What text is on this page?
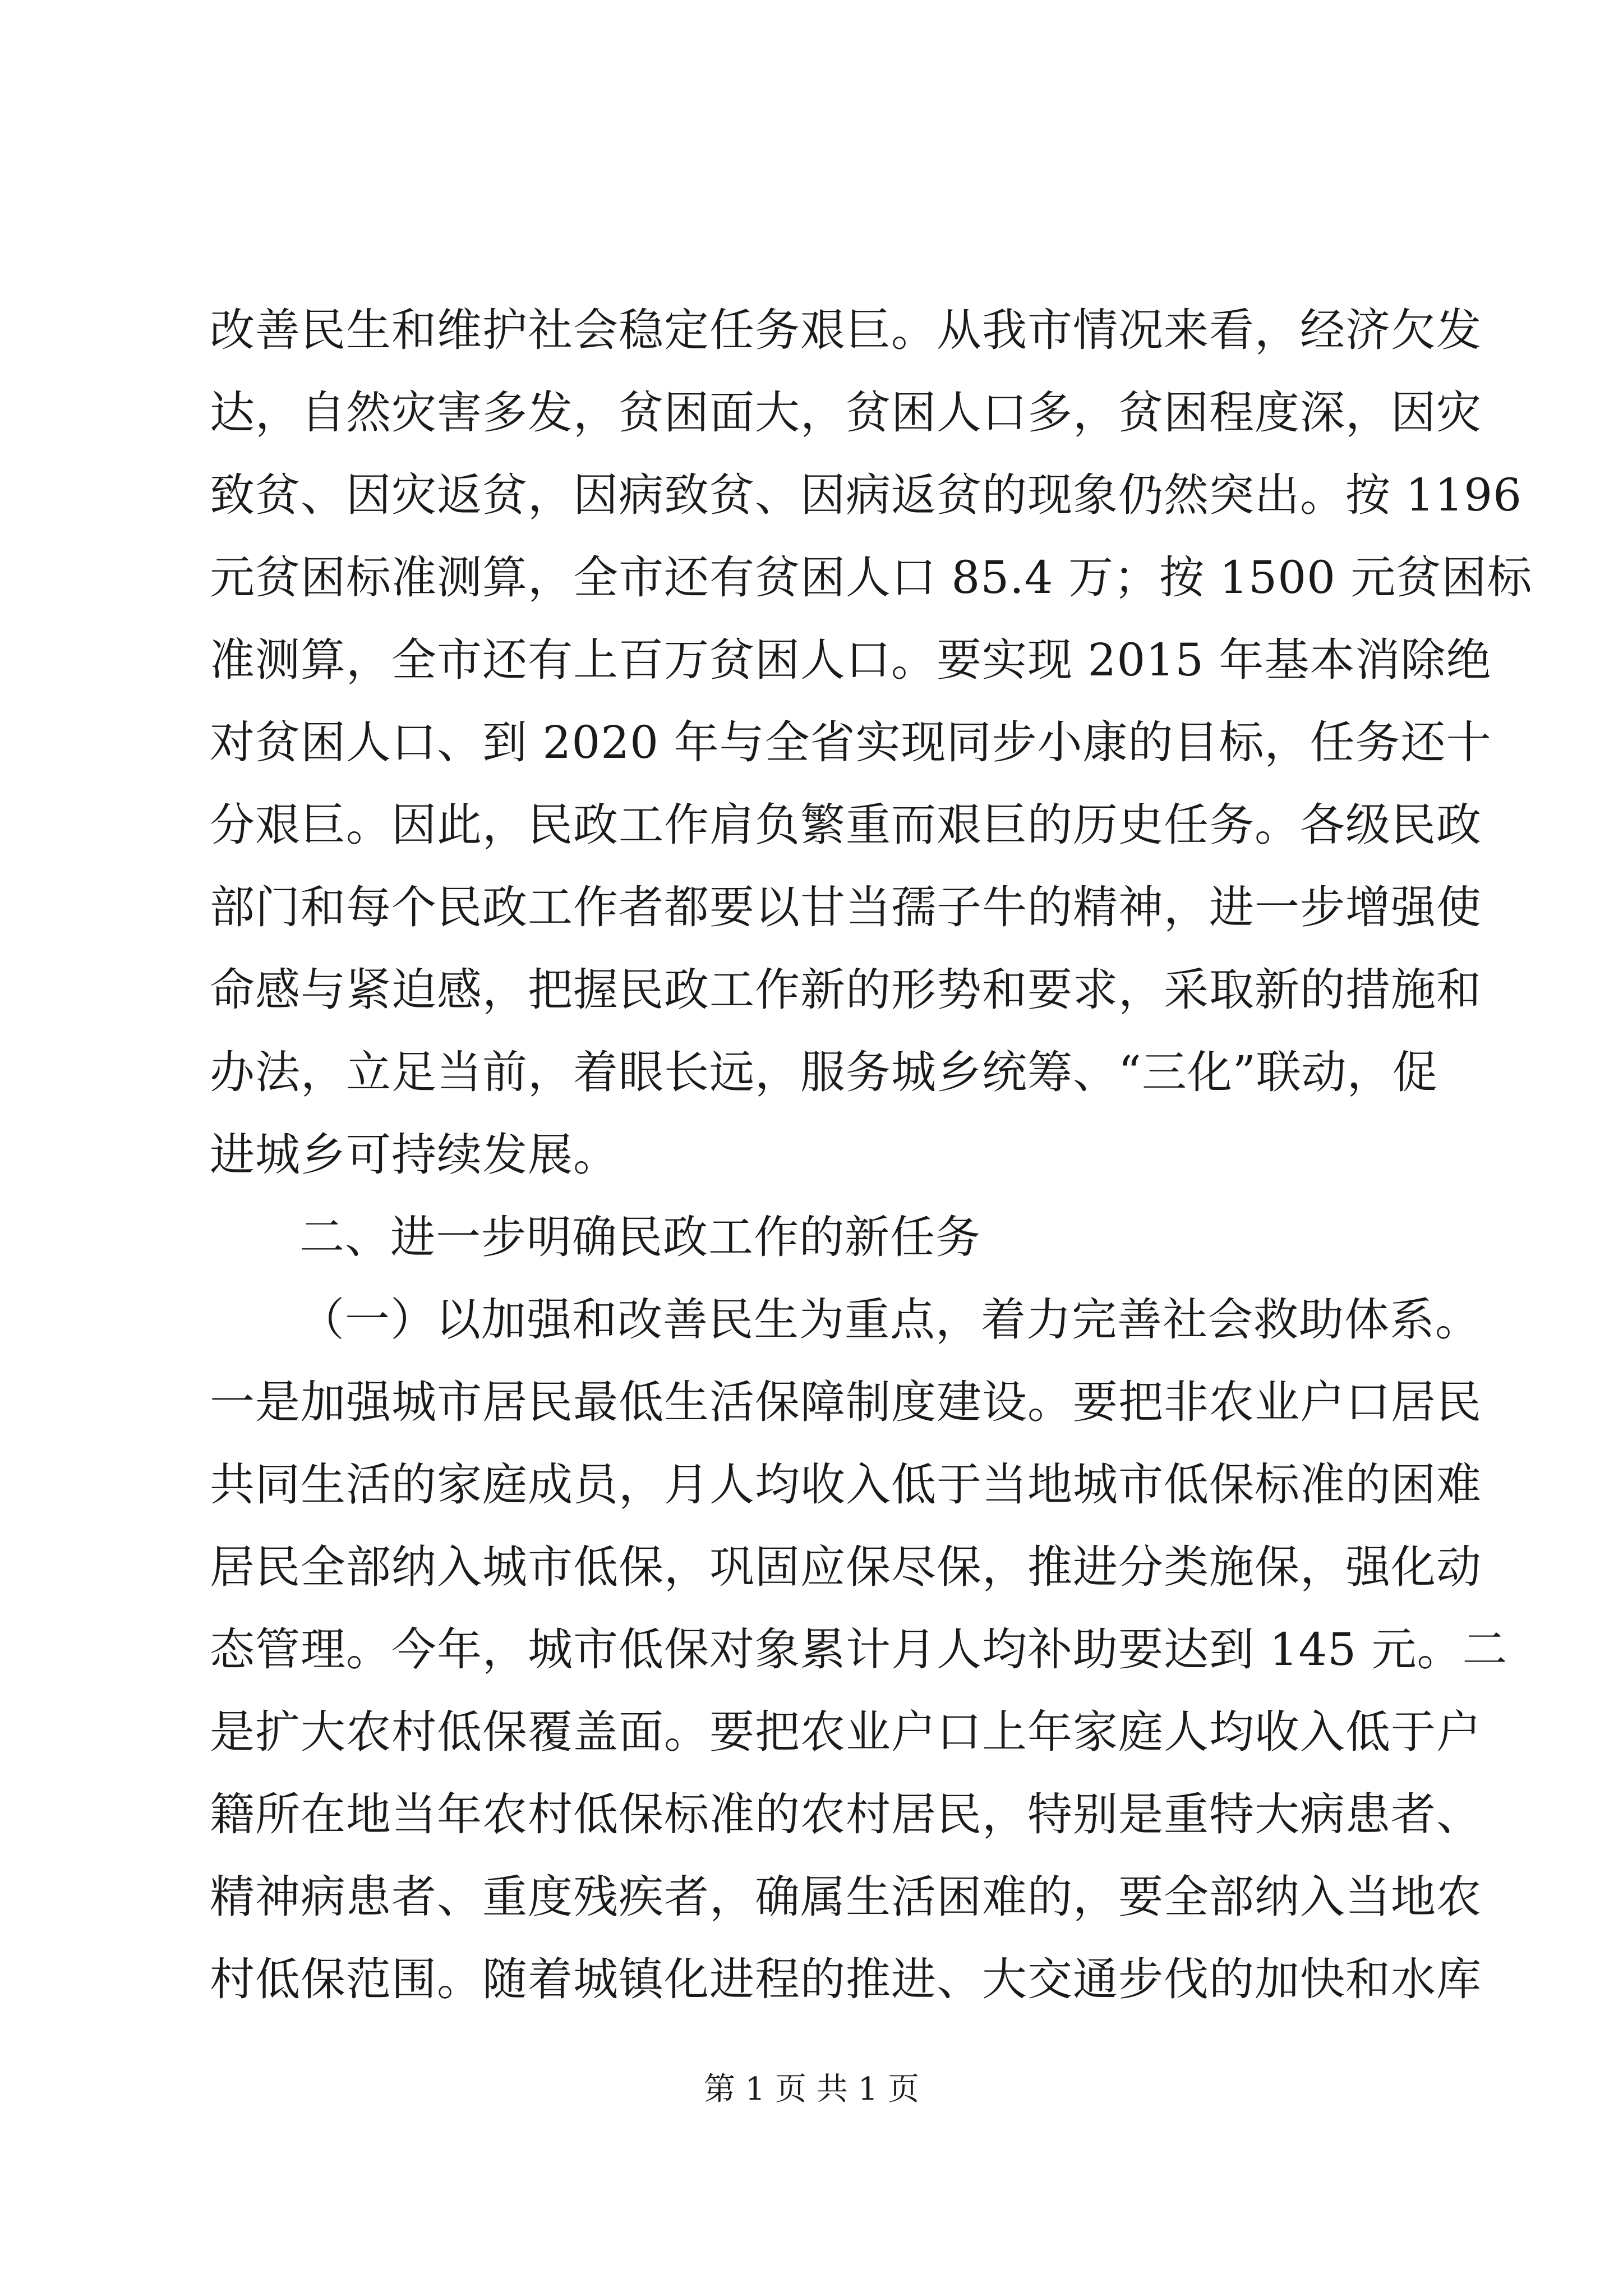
改善民生和维护社会稳定任务艰巨。从我市情况来看，经济欠发
达，自然灾害多发，贫困面大，贫困人口多，贫困程度深，因灾
致贫、因灾返贫，因病致贫、因病返贫的现象仍然突出。按 1196
元贫困标准测算，全市还有贫困人口 85.4 万；按 1500 元贫困标
准测算，全市还有上百万贫困人口。要实现 2015 年基本消除绝
对贫困人口、到 2020 年与全省实现同步小康的目标，任务还十
分艰巨。因此，民政工作肩负繁重而艰巨的历史任务。各级民政
部门和每个民政工作者都要以甘当孺子牛的精神，进一步增强使
命感与紧迫感，把握民政工作新的形势和要求，采取新的措施和
办法，立足当前，着眼长远，服务城乡统筹、“三化”联动，促
进城乡可持续发展。
二、进一步明确民政工作的新任务
（一）以加强和改善民生为重点，着力完善社会救助体系。
一是加强城市居民最低生活保障制度建设。要把非农业户口居民
共同生活的家庭成员，月人均收入低于当地城市低保标准的困难
居民全部纳入城市低保，巩固应保尽保，推进分类施保，强化动
态管理。今年，城市低保对象累计月人均补助要达到 145 元。二
是扩大农村低保覆盖面。要把农业户口上年家庭人均收入低于户
籍所在地当年农村低保标准的农村居民，特别是重特大病患者、
精神病患者、重度残疾者，确属生活困难的，要全部纳入当地农
村低保范围。随着城镇化进程的推进、大交通步伐的加快和水库
第 1 页 共 1 页
